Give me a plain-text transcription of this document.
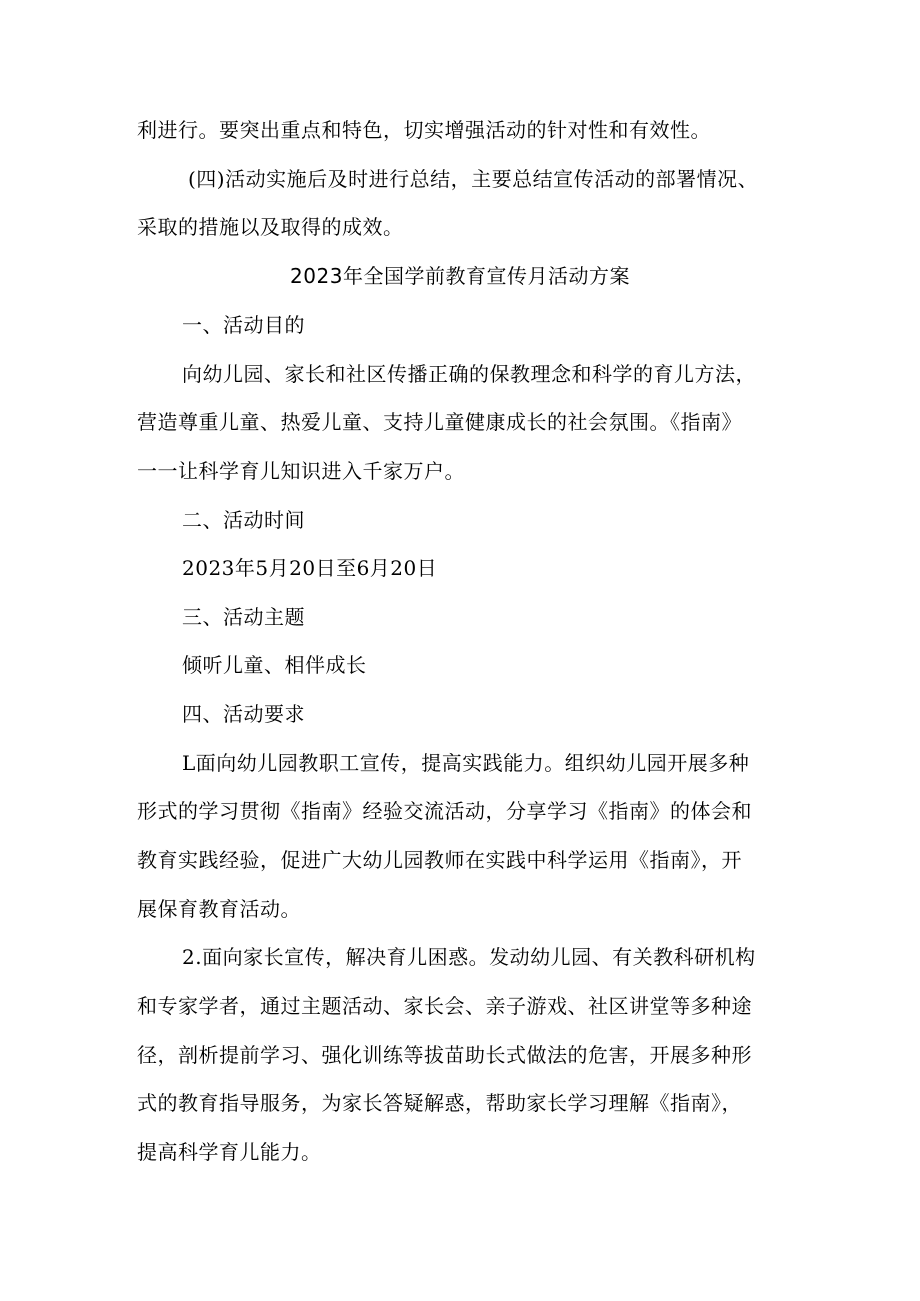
利进行。要突出重点和特色，切实增强活动的针对性和有效性。
(四)活动实施后及时进行总结，主要总结宣传活动的部署情况、
采取的措施以及取得的成效。
2023年全国学前教育宣传月活动方案
一、活动目的
向幼儿园、家长和社区传播正确的保教理念和科学的育儿方法，
营造尊重儿童、热爱儿童、支持儿童健康成长的社会氛围。《指南》
一一让科学育儿知识进入千家万户。
二、活动时间
2023年5月20日至6月20日
三、活动主题
倾听儿童、相伴成长
四、活动要求
L面向幼儿园教职工宣传，提高实践能力。组织幼儿园开展多种
形式的学习贯彻《指南》经验交流活动，分享学习《指南》的体会和
教育实践经验，促进广大幼儿园教师在实践中科学运用《指南》，开
展保育教育活动。
2.面向家长宣传，解决育儿困惑。发动幼儿园、有关教科研机构
和专家学者，通过主题活动、家长会、亲子游戏、社区讲堂等多种途
径，剖析提前学习、强化训练等拔苗助长式做法的危害，开展多种形
式的教育指导服务，为家长答疑解惑，帮助家长学习理解《指南》，
提高科学育儿能力。
